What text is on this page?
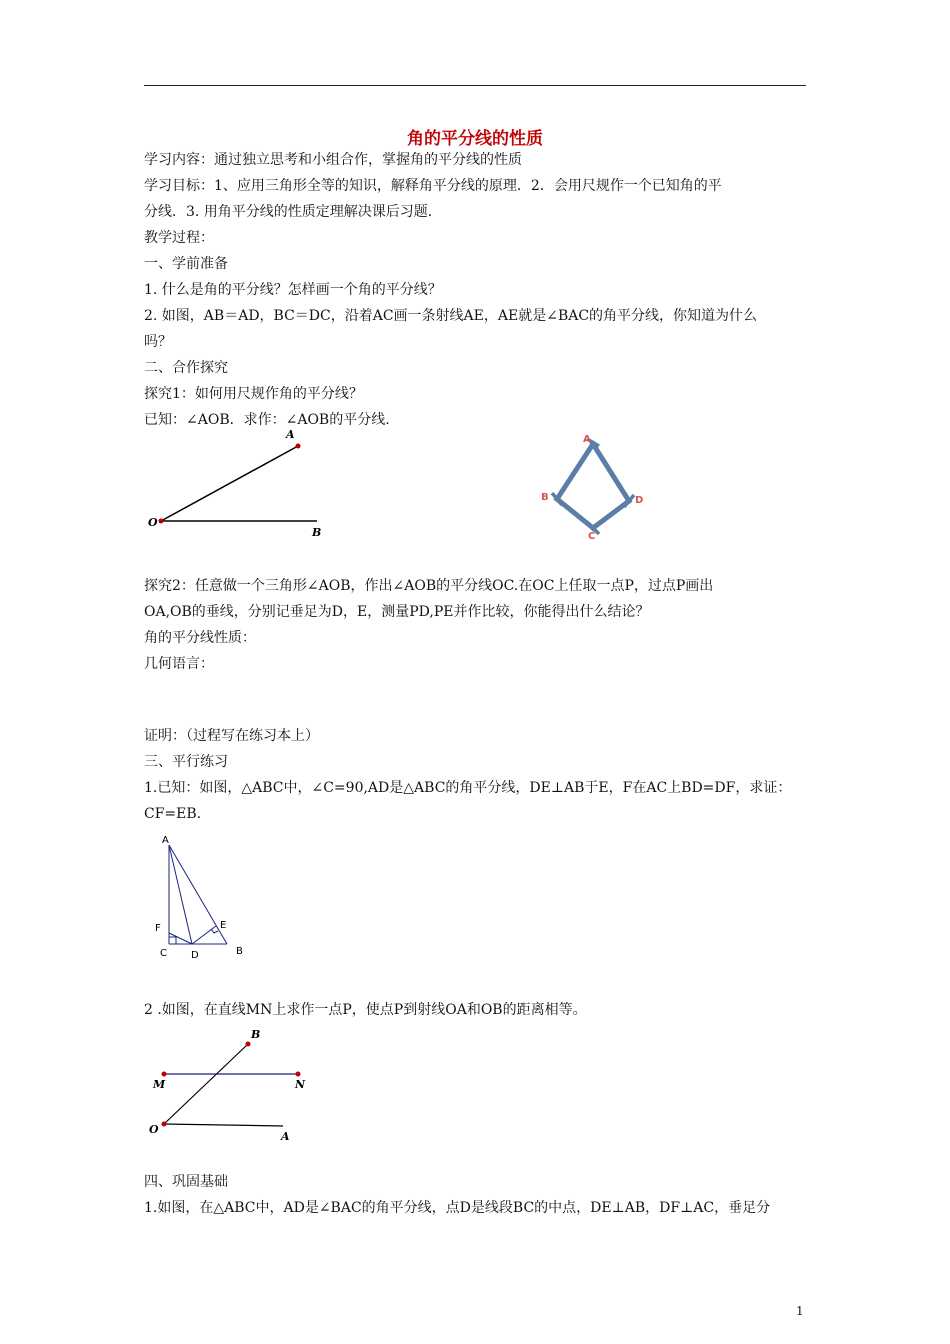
角的平分线的性质
学习内容：通过独立思考和小组合作，掌握角的平分线的性质
学习目标：1、应用三角形全等的知识，解释角平分线的原理．2．会用尺规作一个已知角的平
分线．3. 用角平分线的性质定理解决课后习题.
教学过程：
一、学前准备
1. 什么是角的平分线？怎样画一个角的平分线？
2. 如图，AB＝AD，BC＝DC，沿着AC画一条射线AE，AE就是∠BAC的角平分线，你知道为什么
吗？
二、合作探究
探究1：如何用尺规作角的平分线？
已知：∠AOB．求作：∠AOB的平分线.
A
O
B
A
B	D
C
探究2：任意做一个三角形∠AOB，作出∠AOB的平分线OC.在OC上任取一点P，过点P画出
OA,OB的垂线，分别记垂足为D，E，测量PD,PE并作比较，你能得出什么结论？
角的平分线性质：
几何语言：
证明：（过程写在练习本上）
三、平行练习
1.已知：如图，△ABC中，∠C=90,AD是△ABC的角平分线，DE⊥AB于E，F在AC上BD=DF，求证：
CF=EB.
A
F	E
C D	B
2 .如图，在直线MN上求作一点P，使点P到射线OA和OB的距离相等。
B
M	N
O
A
四、巩固基础
1.如图，在△ABC中，AD是∠BAC的角平分线，点D是线段BC的中点，DE⊥AB，DF⊥AC，垂足分
1
